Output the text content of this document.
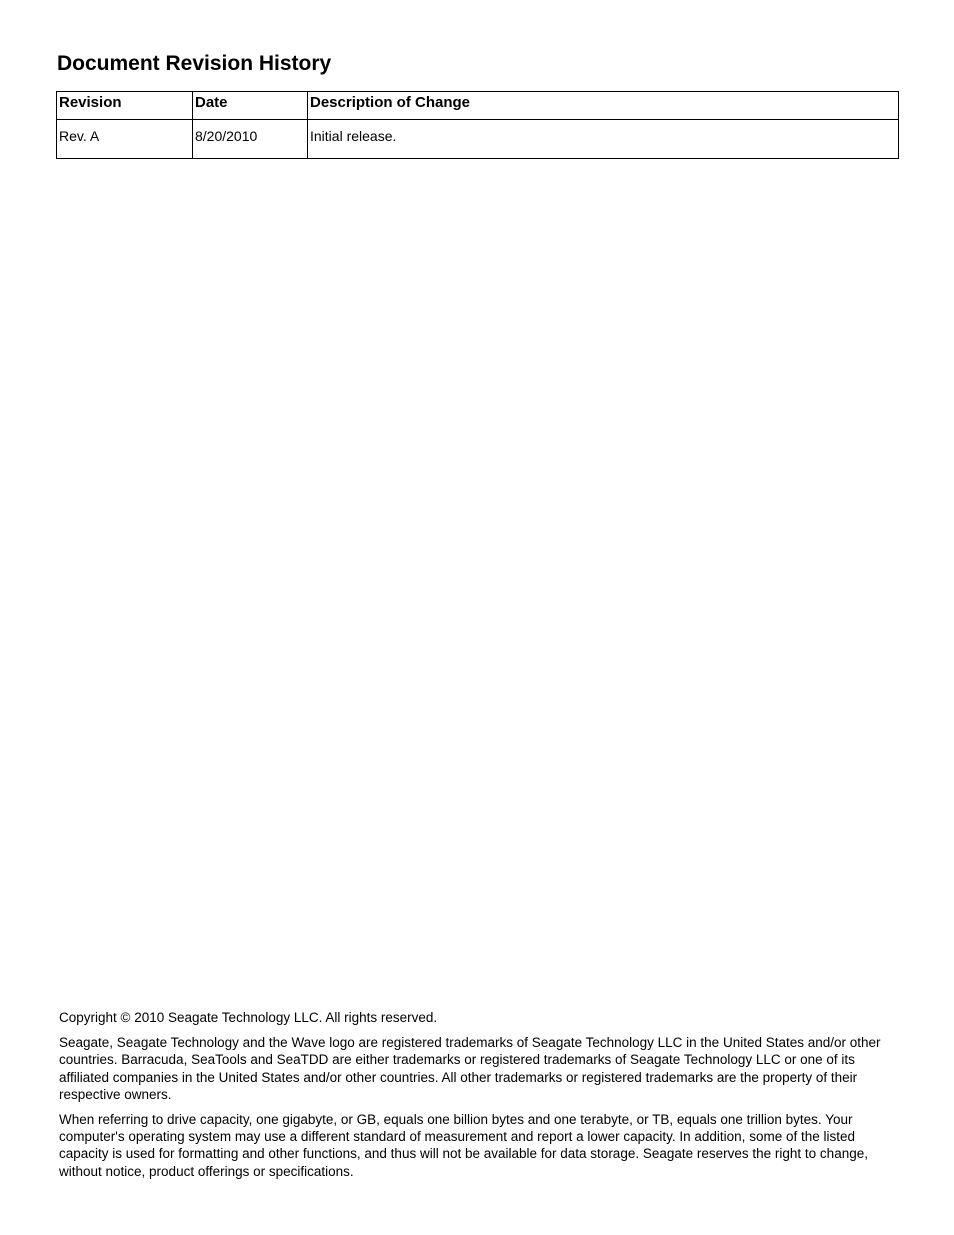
Document Revision History
Revision	Date	Description of Change
Rev. A	8/20/2010	Initial release.

Copyright © 2010 Seagate Technology LLC. All rights reserved.

Seagate, Seagate Technology and the Wave logo are registered trademarks of Seagate Technology LLC in the United States and/or other countries. Barracuda, SeaTools and SeaTDD are either trademarks or registered trademarks of Seagate Technology LLC or one of its affiliated companies in the United States and/or other countries. All other trademarks or registered trademarks are the property of their respective owners.

When referring to drive capacity, one gigabyte, or GB, equals one billion bytes and one terabyte, or TB, equals one trillion bytes. Your computer's operating system may use a different standard of measurement and report a lower capacity. In addition, some of the listed capacity is used for formatting and other functions, and thus will not be available for data storage. Seagate reserves the right to change, without notice, product offerings or specifications.
